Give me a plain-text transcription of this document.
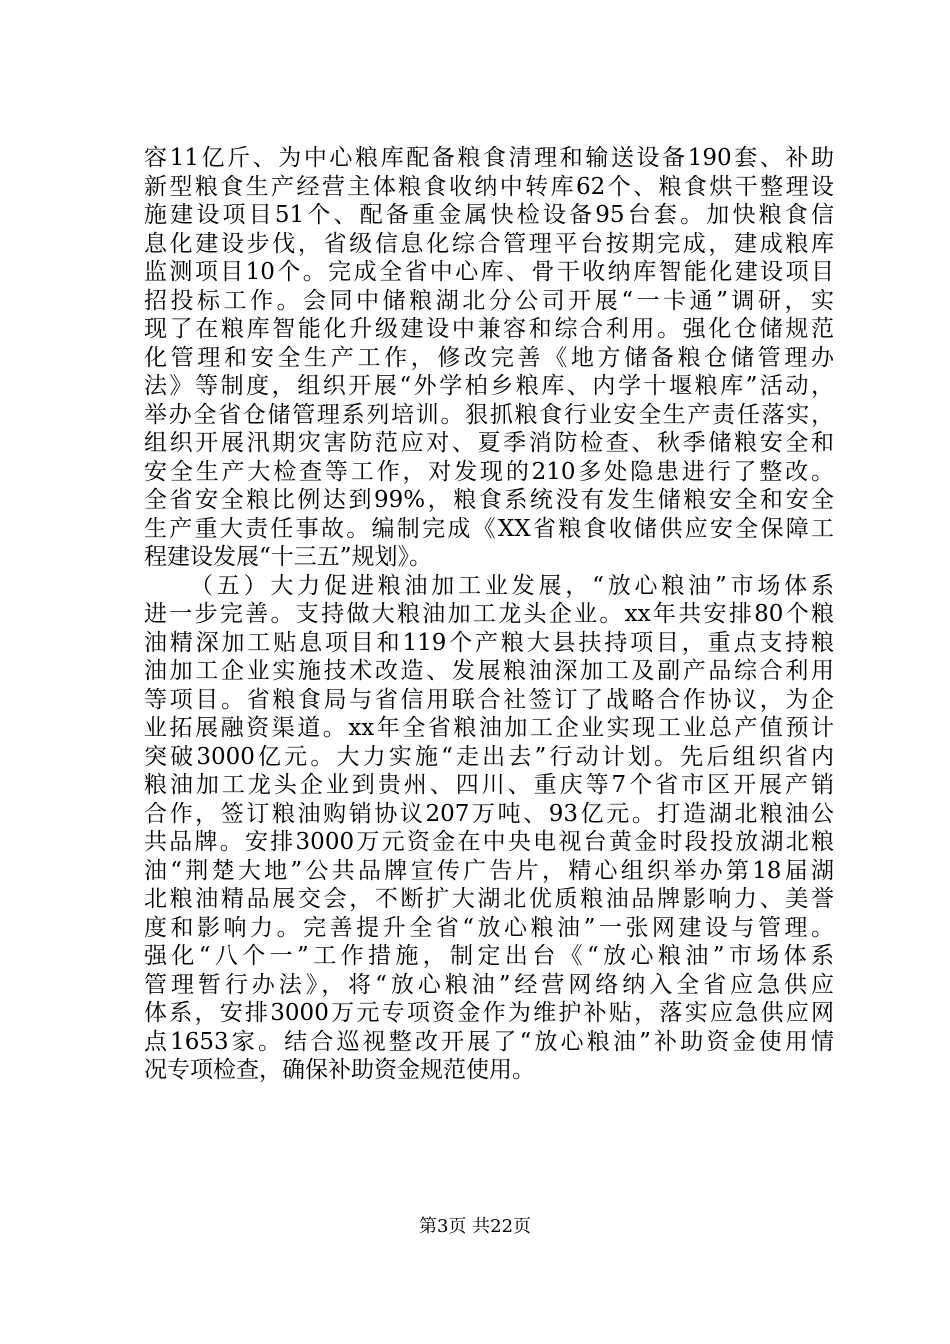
容11亿斤、为中心粮库配备粮食清理和输送设备190套、补助
新型粮食生产经营主体粮食收纳中转库62个、粮食烘干整理设
施建设项目51个、配备重金属快检设备95台套。加快粮食信
息化建设步伐，省级信息化综合管理平台按期完成，建成粮库
监测项目10个。完成全省中心库、骨干收纳库智能化建设项目
招投标工作。会同中储粮湖北分公司开展“一卡通”调研，实
现了在粮库智能化升级建设中兼容和综合利用。强化仓储规范
化管理和安全生产工作，修改完善《地方储备粮仓储管理办
法》等制度，组织开展“外学柏乡粮库、内学十堰粮库”活动，
举办全省仓储管理系列培训。狠抓粮食行业安全生产责任落实，
组织开展汛期灾害防范应对、夏季消防检查、秋季储粮安全和
安全生产大检查等工作，对发现的210多处隐患进行了整改。
全省安全粮比例达到99%，粮食系统没有发生储粮安全和安全
生产重大责任事故。编制完成《XX省粮食收储供应安全保障工
程建设发展“十三五”规划》。
（五）大力促进粮油加工业发展，“放心粮油”市场体系
进一步完善。支持做大粮油加工龙头企业。xx年共安排80个粮
油精深加工贴息项目和119个产粮大县扶持项目，重点支持粮
油加工企业实施技术改造、发展粮油深加工及副产品综合利用
等项目。省粮食局与省信用联合社签订了战略合作协议，为企
业拓展融资渠道。xx年全省粮油加工企业实现工业总产值预计
突破3000亿元。大力实施“走出去”行动计划。先后组织省内
粮油加工龙头企业到贵州、四川、重庆等7个省市区开展产销
合作，签订粮油购销协议207万吨、93亿元。打造湖北粮油公
共品牌。安排3000万元资金在中央电视台黄金时段投放湖北粮
油“荆楚大地”公共品牌宣传广告片，精心组织举办第18届湖
北粮油精品展交会，不断扩大湖北优质粮油品牌影响力、美誉
度和影响力。完善提升全省“放心粮油”一张网建设与管理。
强化“八个一”工作措施，制定出台《“放心粮油”市场体系
管理暂行办法》，将“放心粮油”经营网络纳入全省应急供应
体系，安排3000万元专项资金作为维护补贴，落实应急供应网
点1653家。结合巡视整改开展了“放心粮油”补助资金使用情
况专项检查，确保补助资金规范使用。
第3页 共22页
